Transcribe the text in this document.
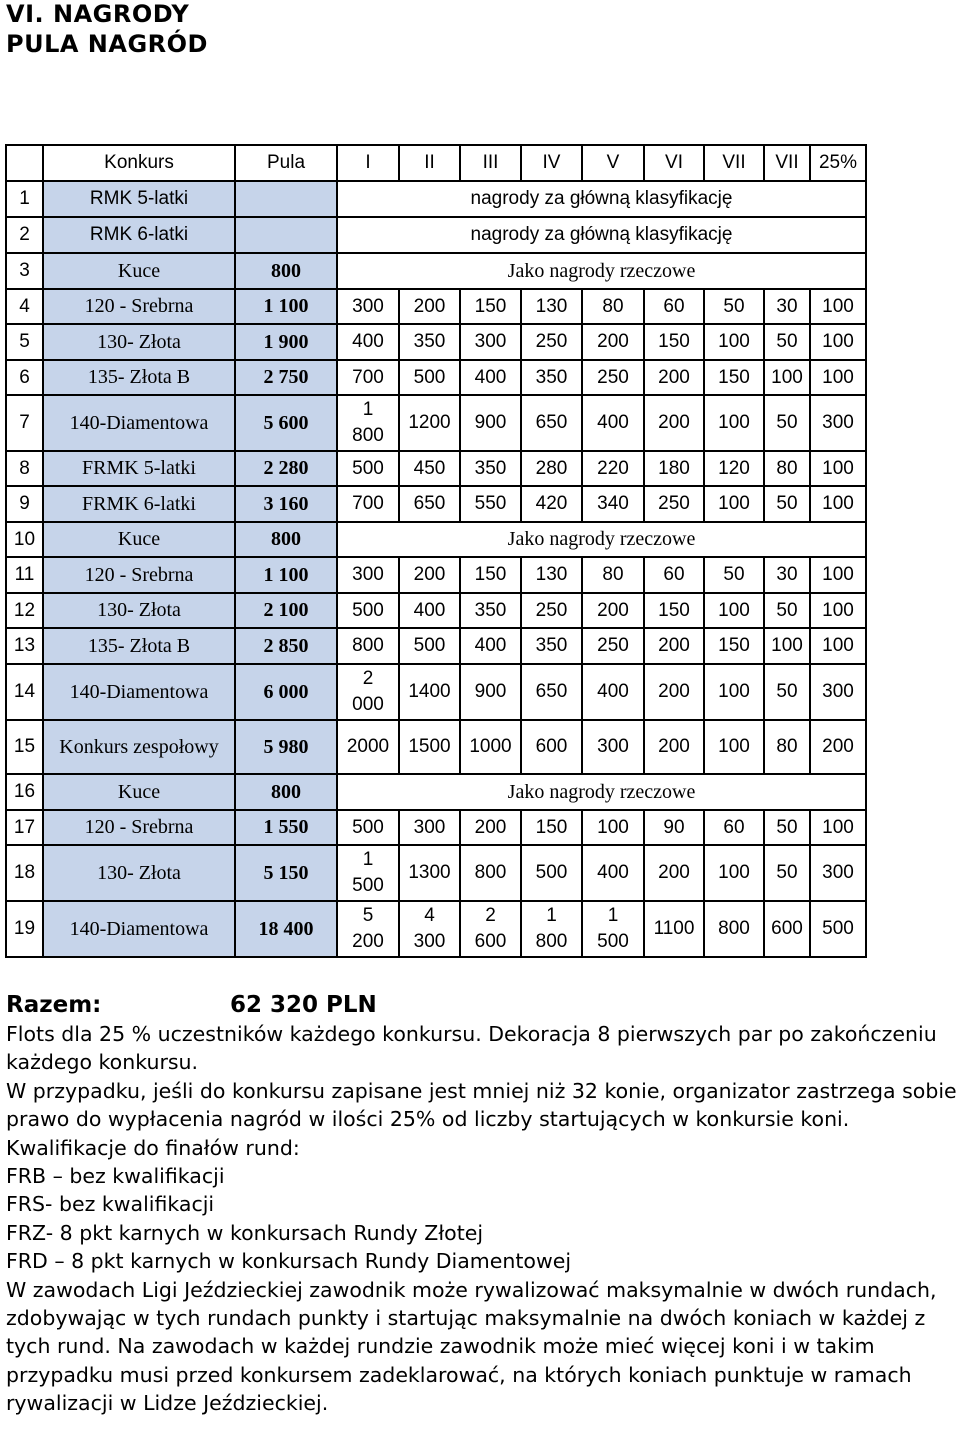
VI. NAGRODY
PULA NAGRÓD
	Konkurs	Pula	I	II	III	IV	V	VI	VII	VII	25%
1	RMK 5-latki		nagrody za główną klasyfikację								
2	RMK 6-latki		nagrody za główną klasyfikację								
3	Kuce	800	Jako nagrody rzeczowe								
4	120 - Srebrna	1 100	300	200	150	130	80	60	50	30	100
5	130- Złota	1 900	400	350	300	250	200	150	100	50	100
6	135- Złota B	2 750	700	500	400	350	250	200	150	100	100
7	140-Diamentowa	5 600	1 800	1200	900	650	400	200	100	50	300
8	FRMK 5-latki	2 280	500	450	350	280	220	180	120	80	100
9	FRMK 6-latki	3 160	700	650	550	420	340	250	100	50	100
10	Kuce	800	Jako nagrody rzeczowe								
11	120 - Srebrna	1 100	300	200	150	130	80	60	50	30	100
12	130- Złota	2 100	500	400	350	250	200	150	100	50	100
13	135- Złota B	2 850	800	500	400	350	250	200	150	100	100
14	140-Diamentowa	6 000	2 000	1400	900	650	400	200	100	50	300
15	Konkurs zespołowy	5 980	2000	1500	1000	600	300	200	100	80	200
16	Kuce	800	Jako nagrody rzeczowe								
17	120 - Srebrna	1 550	500	300	200	150	100	90	60	50	100
18	130- Złota	5 150	1 500	1300	800	500	400	200	100	50	300
19	140-Diamentowa	18 400	5 200	4 300	2 600	1 800	1 500	1100	800	600	500

Razem:	62 320 PLN

Flots dla 25 % uczestników każdego konkursu. Dekoracja 8 pierwszych par po zakończeniu każdego konkursu.

W przypadku, jeśli do konkursu zapisane jest mniej niż 32 konie, organizator zastrzega sobie prawo do wypłacenia nagród w ilości 25% od liczby startujących w konkursie koni.

Kwalifikacje do finałów rund:

FRB – bez kwalifikacji

FRS- bez kwalifikacji

FRZ- 8 pkt karnych w konkursach Rundy Złotej

FRD – 8 pkt karnych w konkursach Rundy Diamentowej

W zawodach Ligi Jeździeckiej zawodnik może rywalizować maksymalnie w dwóch rundach, zdobywając w tych rundach punkty i startując maksymalnie na dwóch koniach w każdej z tych rund. Na zawodach w każdej rundzie zawodnik może mieć więcej koni i w takim przypadku musi przed konkursem zadeklarować, na których koniach punktuje w ramach rywalizacji w Lidze Jeździeckiej.
